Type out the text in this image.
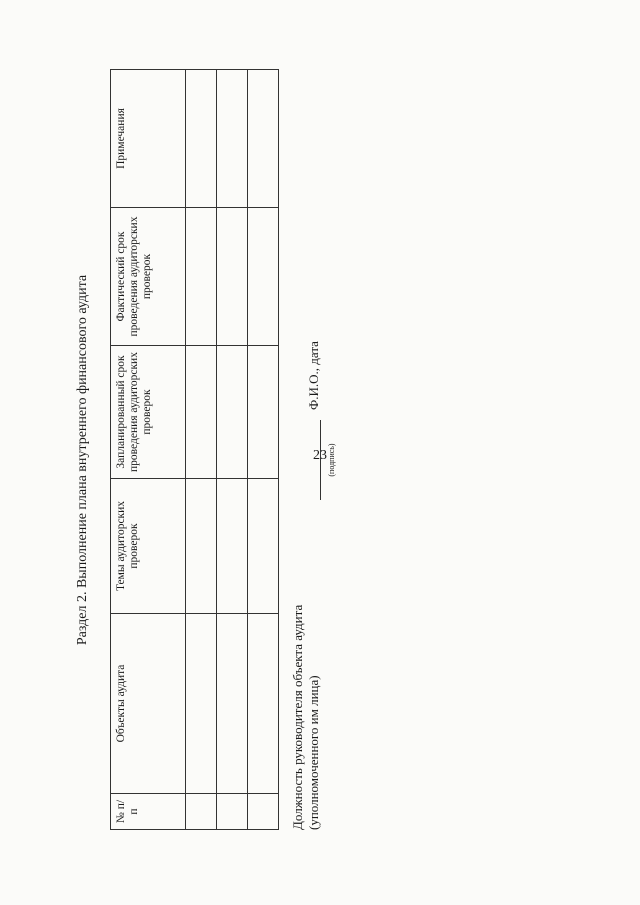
23
Раздел 2. Выполнение плана внутреннего финансового аудита
№ п/п	Объекты аудита	Темы аудиторских проверок	Запланированный срок проведения аудиторских проверок	Фактический срок проведения аудиторских проверок	Примечания

Должность руководителя объекта аудита (уполномоченного им лица)
(подпись)
Ф.И.О., дата
